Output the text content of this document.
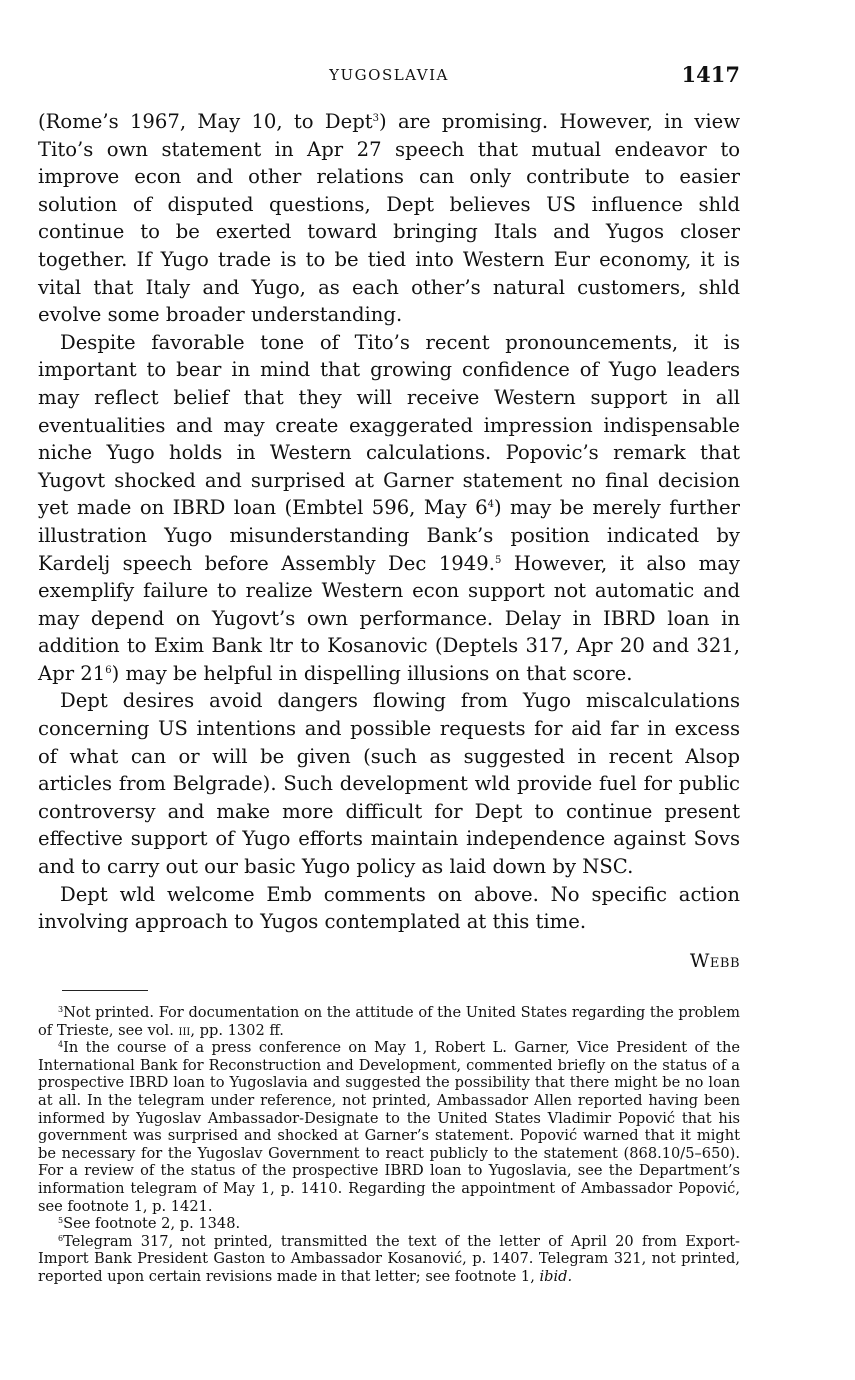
YUGOSLAVIA	1417

(Rome’s 1967, May 10, to Dept$^3$) are promising. However, in view Tito’s own statement in Apr 27 speech that mutual endeavor to improve econ and other relations can only contribute to easier solution of disputed questions, Dept believes US influence shld continue to be exerted toward bringing Itals and Yugos closer together. If Yugo trade is to be tied into Western Eur economy, it is vital that Italy and Yugo, as each other’s natural customers, shld evolve some broader understanding.

Despite favorable tone of Tito’s recent pronouncements, it is important to bear in mind that growing confidence of Yugo leaders may reflect belief that they will receive Western support in all eventualities and may create exaggerated impression indispensable niche Yugo holds in Western calculations. Popovic’s remark that Yugovt shocked and surprised at Garner statement no final decision yet made on IBRD loan (Embtel 596, May $6^4$) may be merely further illustration Yugo misunderstanding Bank’s position indicated by Kardelj speech before Assembly Dec 1949.$^5$ However, it also may exemplify failure to realize Western econ support not automatic and may depend on Yugovt’s own performance. Delay in IBRD loan in addition to Exim Bank ltr to Kosanovic (Deptels 317, Apr 20 and 321, Apr $21^6$) may be helpful in dispelling illusions on that score.

Dept desires avoid dangers flowing from Yugo miscalculations concerning US intentions and possible requests for aid far in excess of what can or will be given (such as suggested in recent Alsop articles from Belgrade). Such development wld provide fuel for public controversy and make more difficult for Dept to continue present effective support of Yugo efforts maintain independence against Sovs and to carry out our basic Yugo policy as laid down by NSC.

Dept wld welcome Emb comments on above. No specific action involving approach to Yugos contemplated at this time.

Webb

$^3$Not printed. For documentation on the attitude of the United States regarding the problem of Trieste, see vol. iii, pp. 1302 ff.

$^4$In the course of a press conference on May 1, Robert L. Garner, Vice President of the International Bank for Reconstruction and Development, commented briefly on the status of a prospective IBRD loan to Yugoslavia and suggested the possibility that there might be no loan at all. In the telegram under reference, not printed, Ambassador Allen reported having been informed by Yugoslav Ambassador-Designate to the United States Vladimir Popović that his government was surprised and shocked at Garner’s statement. Popović warned that it might be necessary for the Yugoslav Government to react publicly to the statement (868.10/5–650). For a review of the status of the prospective IBRD loan to Yugoslavia, see the Department’s information telegram of May 1, p. 1410. Regarding the appointment of Ambassador Popović, see footnote 1, p. 1421.

$^5$See footnote 2, p. 1348.

$^6$Telegram 317, not printed, transmitted the text of the letter of April 20 from Export-Import Bank President Gaston to Ambassador Kosanović, p. 1407. Telegram 321, not printed, reported upon certain revisions made in that letter; see footnote 1, ibid.
